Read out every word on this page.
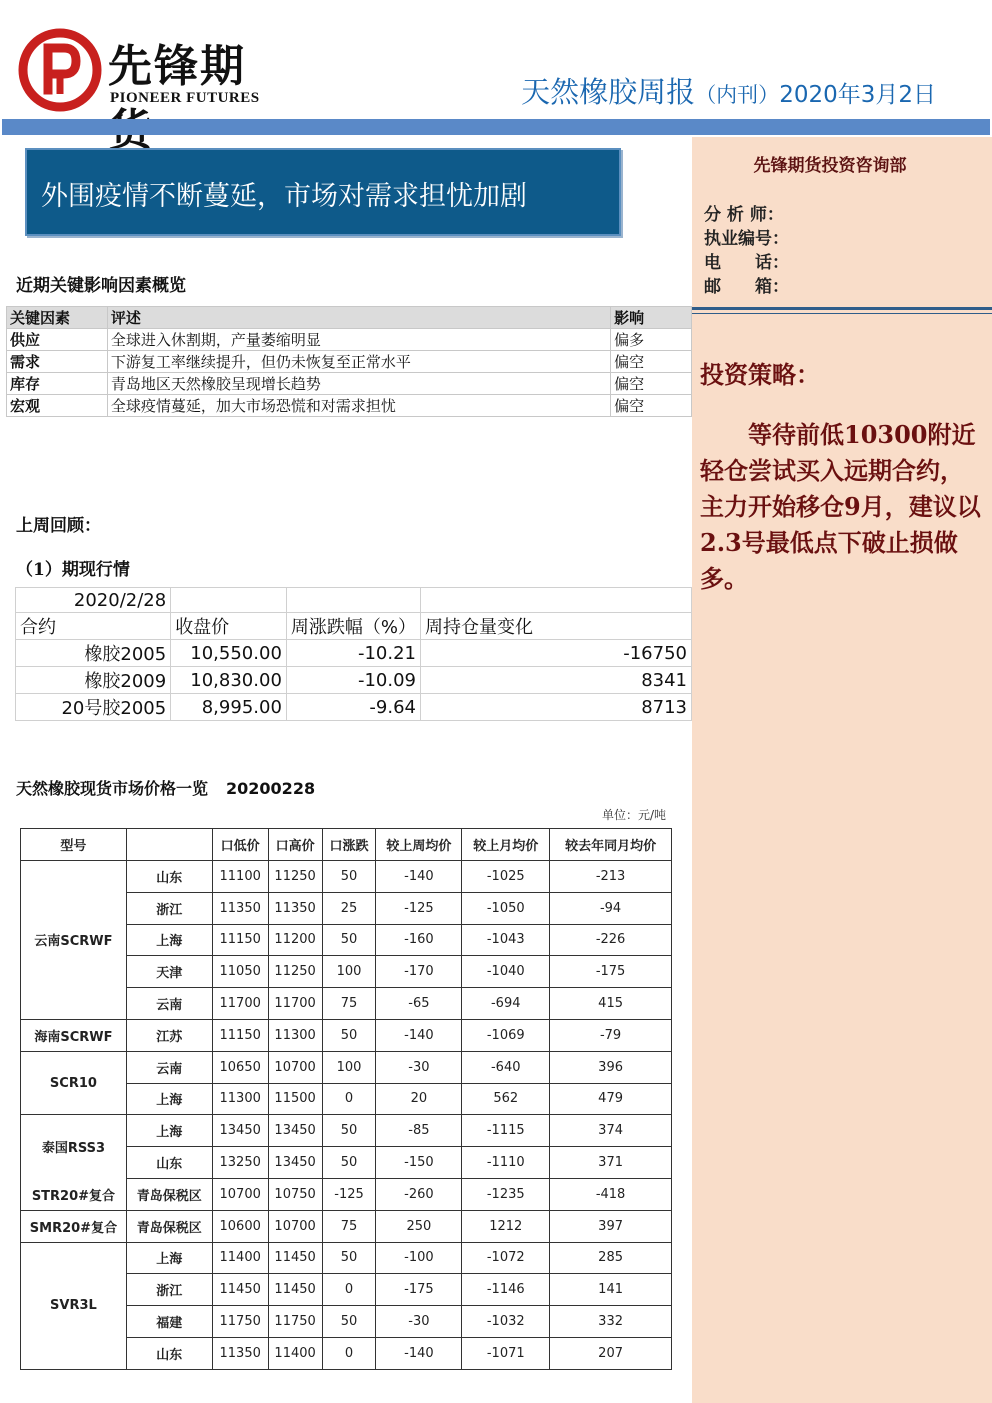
先锋期
PIONEER FUTURES	天然橡胶周报（内刊）2020年3月2日
先锋期货投资咨询部
分 析 师：
执业编号：
电　　话：
邮　　箱：
投资策略：
等待前低10300附近轻仓尝试买入远期合约，主力开始移仓9月，建议以2.3号最低点下破止损做多。
外围疫情不断蔓延，市场对需求担忧加剧
近期关键影响因素概览
关键因素	评述	影响
供应	全球进入休割期，产量萎缩明显	偏多
需求	下游复工率继续提升，但仍未恢复至正常水平	偏空
库存	青岛地区天然橡胶呈现增长趋势	偏空
宏观	全球疫情蔓延，加大市场恐慌和对需求担忧	偏空
上周回顾：
（1）期现行情
2020/2/28			
合约	收盘价	周涨跌幅（%）	周持仓量变化
橡胶2005	10,550.00	-10.21	-16750
橡胶2009	10,830.00	-10.09	8341
20号胶2005	8,995.00	-9.64	8713
天然橡胶现货市场价格一览 20200228
单位：元/吨
型号		口低价	口高价	口涨跌	较上周均价	较上月均价	较去年同月均价
云南SCRWF	山东	11100	11250	50	-140	-1025	-213
	浙江	11350	11350	25	-125	-1050	-94
	上海	11150	11200	50	-160	-1043	-226
	天津	11050	11250	100	-170	-1040	-175
	云南	11700	11700	75	-65	-694	415
海南SCRWF	江苏	11150	11300	50	-140	-1069	-79
SCR10	云南	10650	10700	100	-30	-640	396
	上海	11300	11500	0	20	562	479
泰国RSS3	上海	13450	13450	50	-85	-1115	374
	山东	13250	13450	50	-150	-1110	371
STR20#复合	青岛保税区	10700	10750	-125	-260	-1235	-418
SMR20#复合	青岛保税区	10600	10700	75	250	1212	397
SVR3L	上海	11400	11450	50	-100	-1072	285
	浙江	11450	11450	0	-175	-1146	141
	福建	11750	11750	50	-30	-1032	332
	山东	11350	11400	0	-140	-1071	207
